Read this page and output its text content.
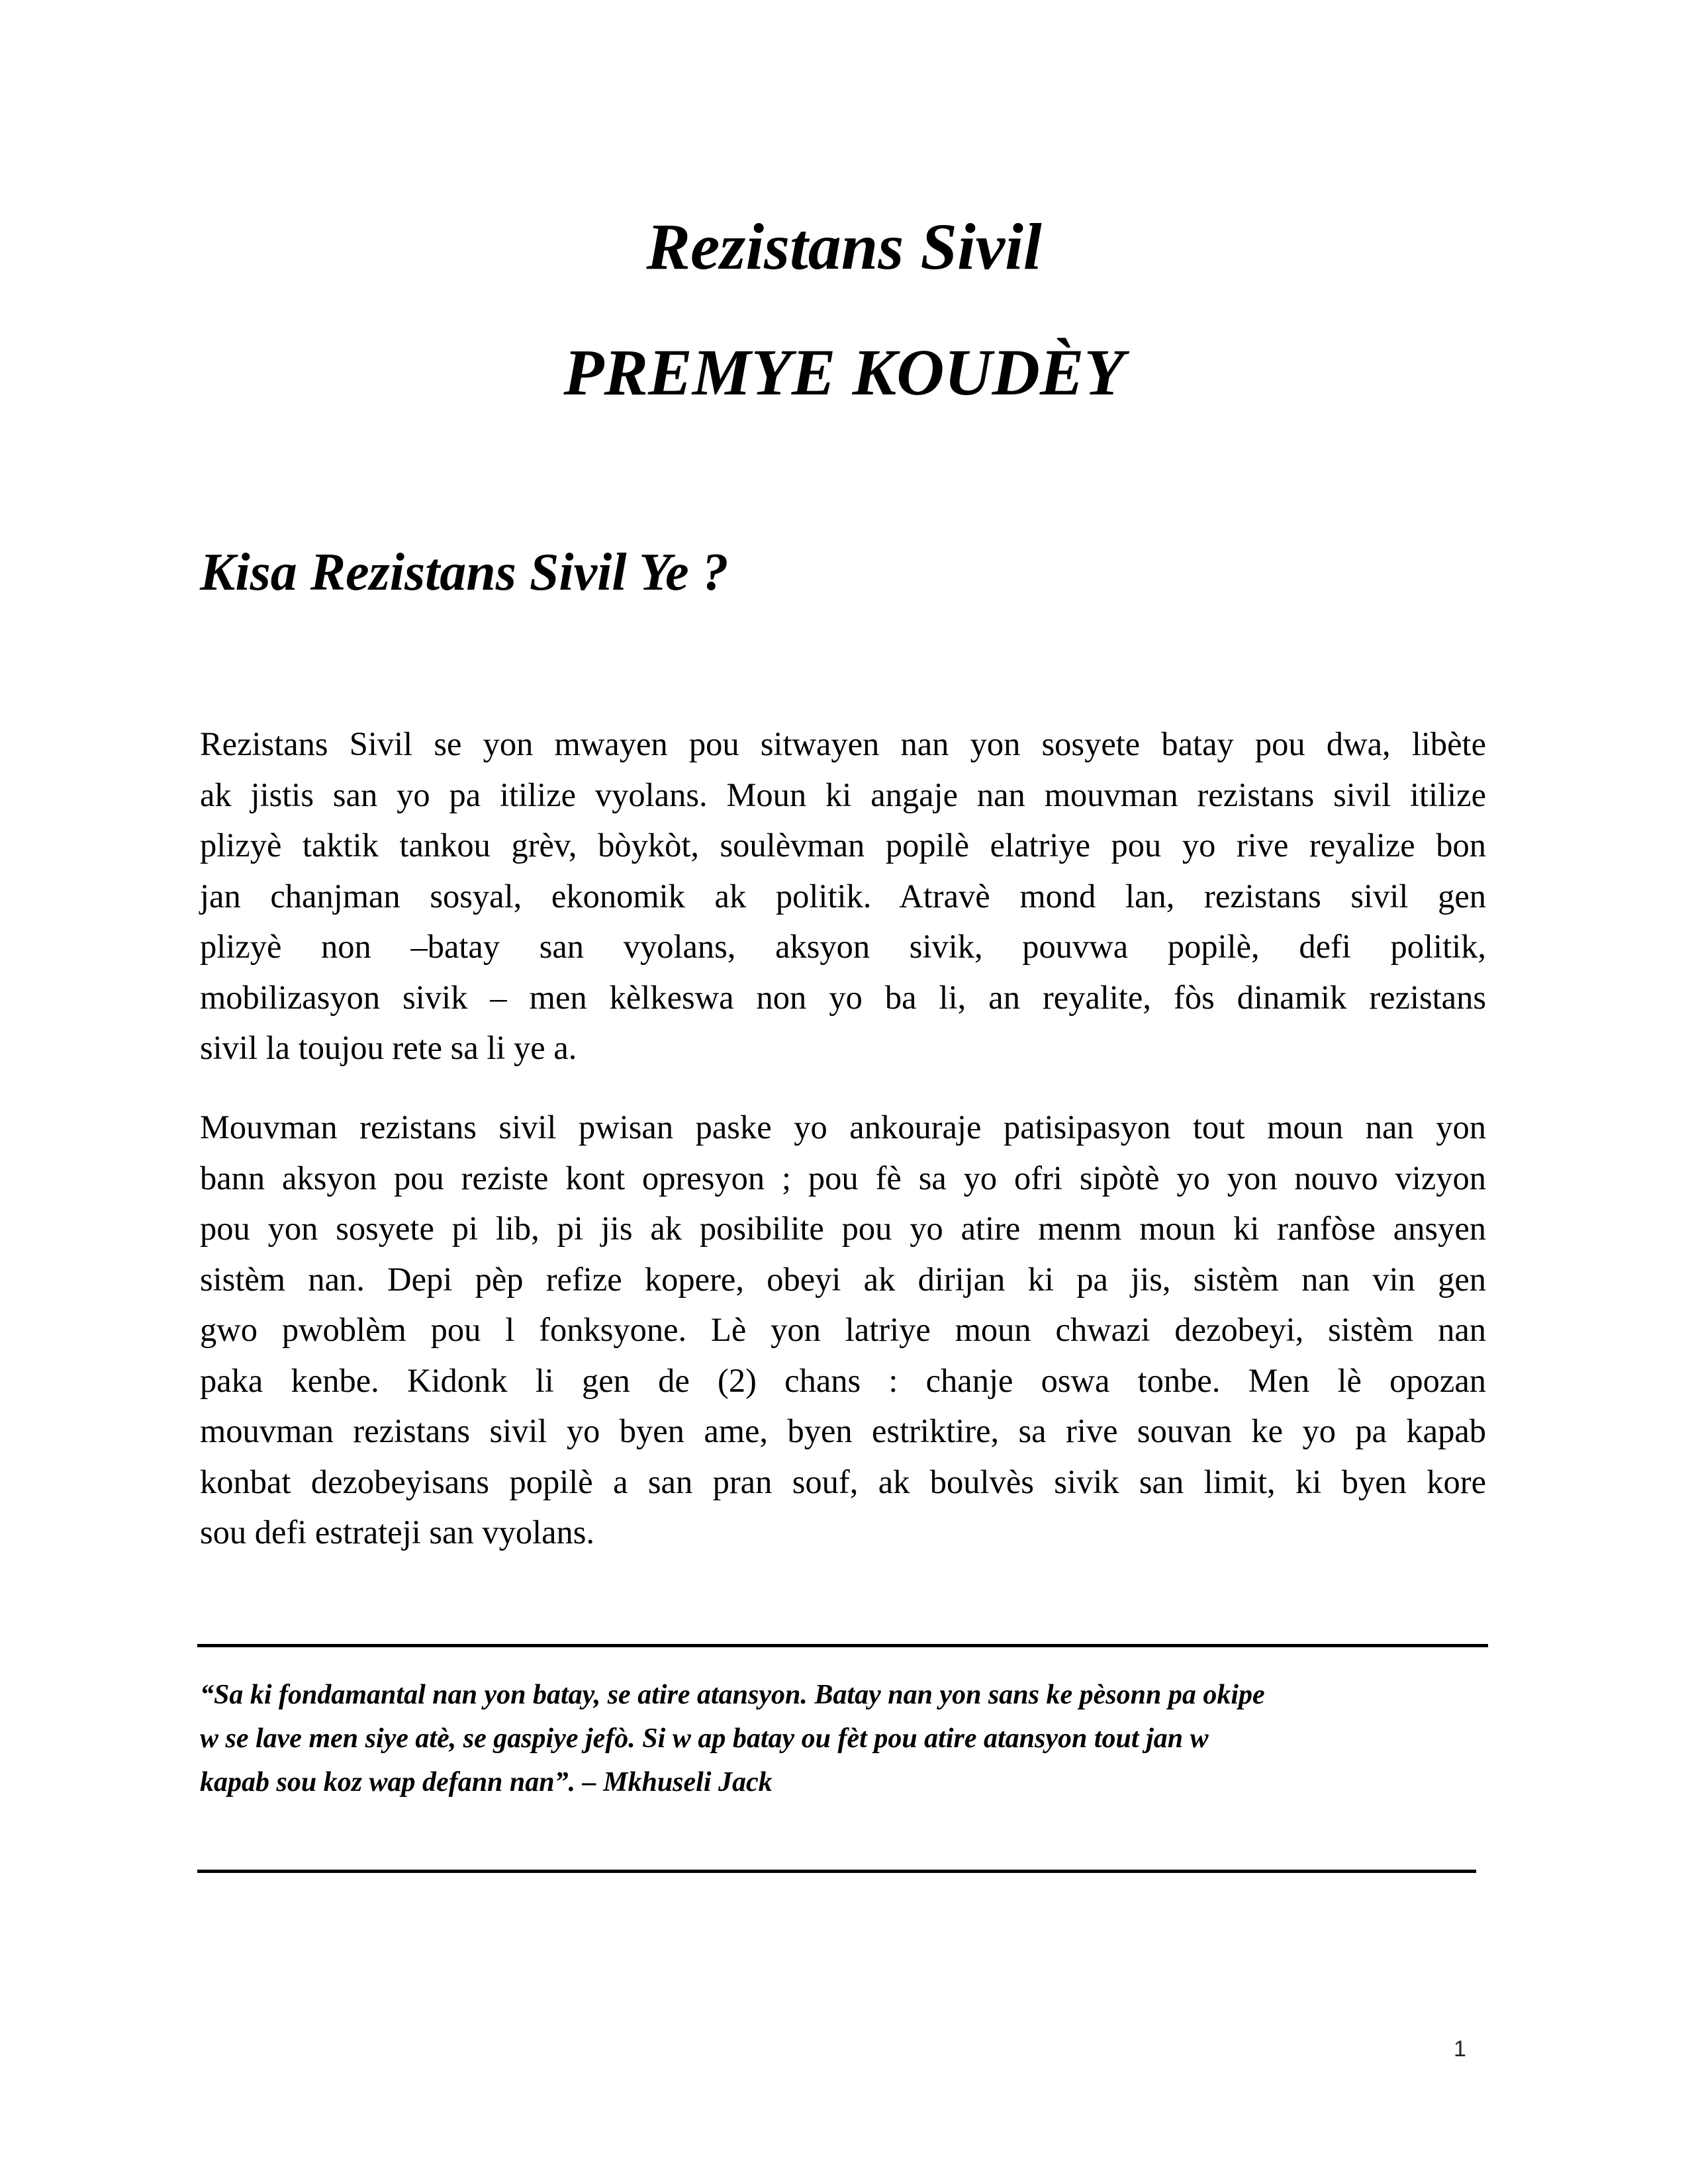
Rezistans Sivil
PREMYE KOUDÈY
Kisa Rezistans Sivil Ye ?
Rezistans Sivil se yon mwayen pou sitwayen nan yon sosyete batay pou dwa, libète
ak jistis san yo pa itilize vyolans. Moun ki angaje nan mouvman rezistans sivil itilize
plizyè taktik tankou grèv, bòykòt, soulèvman popilè elatriye pou yo rive reyalize bon
jan chanjman sosyal, ekonomik ak politik. Atravè mond lan, rezistans sivil gen
plizyè non –batay san vyolans, aksyon sivik, pouvwa popilè, defi politik,
mobilizasyon sivik – men kèlkeswa non yo ba li, an reyalite, fòs dinamik rezistans
sivil la toujou rete sa li ye a.
Mouvman rezistans sivil pwisan paske yo ankouraje patisipasyon tout moun nan yon
bann aksyon pou reziste kont opresyon ; pou fè sa yo ofri sipòtè yo yon nouvo vizyon
pou yon sosyete pi lib, pi jis ak posibilite pou yo atire menm moun ki ranfòse ansyen
sistèm nan. Depi pèp refize kopere, obeyi ak dirijan ki pa jis, sistèm nan vin gen
gwo pwoblèm pou l fonksyone. Lè yon latriye moun chwazi dezobeyi, sistèm nan
paka kenbe. Kidonk li gen de (2) chans : chanje oswa tonbe. Men lè opozan
mouvman rezistans sivil yo byen ame, byen estriktire, sa rive souvan ke yo pa kapab
konbat dezobeyisans popilè a san pran souf, ak boulvès sivik san limit, ki byen kore
sou defi estrateji san vyolans.
“Sa ki fondamantal nan yon batay, se atire atansyon. Batay nan yon sans ke pèsonn pa okipe
w se lave men siye atè, se gaspiye jefò. Si w ap batay ou fèt pou atire atansyon tout jan w
kapab sou koz wap defann nan”. – Mkhuseli Jack
1
